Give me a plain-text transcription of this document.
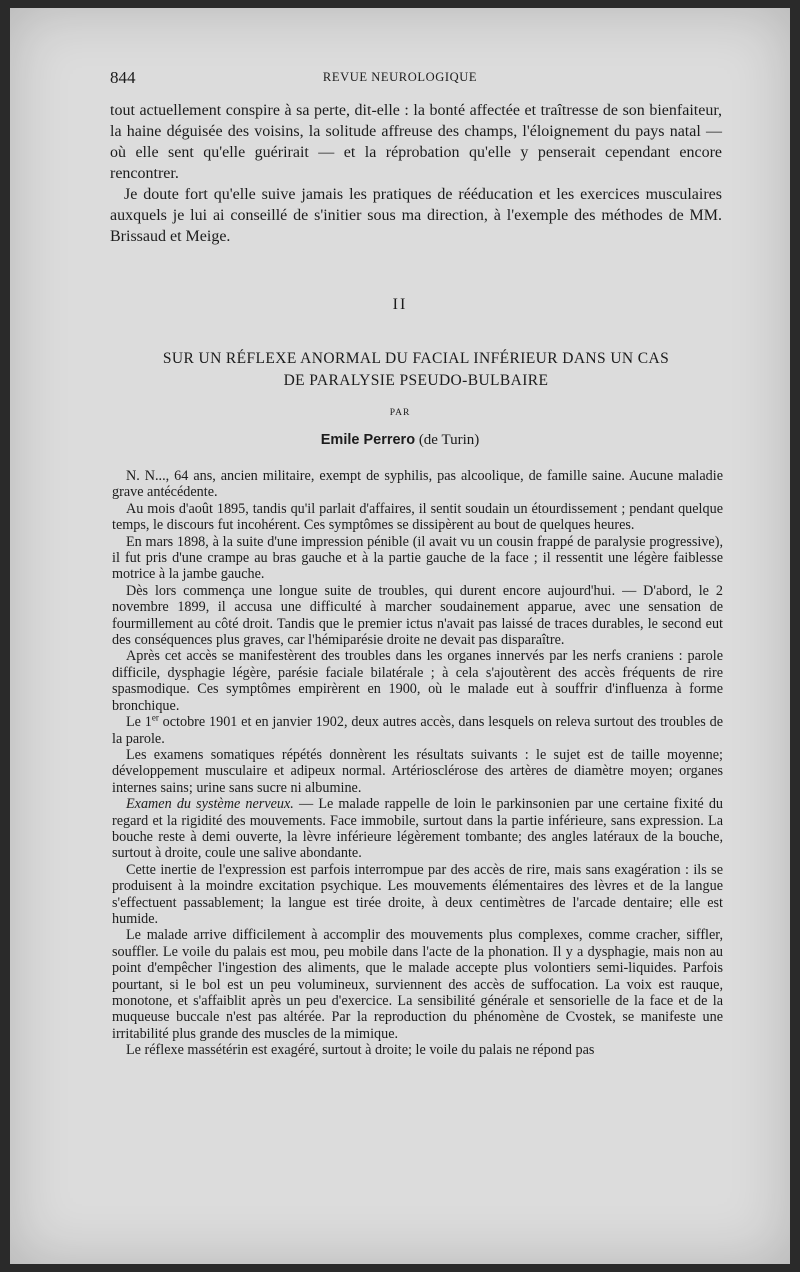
844	REVUE NEUROLOGIQUE

tout actuellement conspire à sa perte, dit-elle : la bonté affectée et traîtresse de son bienfaiteur, la haine déguisée des voisins, la solitude affreuse des champs, l'éloignement du pays natal — où elle sent qu'elle guérirait — et la réprobation qu'elle y penserait cependant encore rencontrer.

Je doute fort qu'elle suive jamais les pratiques de rééducation et les exercices musculaires auxquels je lui ai conseillé de s'initier sous ma direction, à l'exemple des méthodes de MM. Brissaud et Meige.

II
SUR UN RÉFLEXE ANORMAL DU FACIAL INFÉRIEUR DANS UN CAS
DE PARALYSIE PSEUDO-BULBAIRE
PAR
Emile Perrero (de Turin)

N. N..., 64 ans, ancien militaire, exempt de syphilis, pas alcoolique, de famille saine. Aucune maladie grave antécédente.

Au mois d'août 1895, tandis qu'il parlait d'affaires, il sentit soudain un étourdissement ; pendant quelque temps, le discours fut incohérent. Ces symptômes se dissipèrent au bout de quelques heures.

En mars 1898, à la suite d'une impression pénible (il avait vu un cousin frappé de paralysie progressive), il fut pris d'une crampe au bras gauche et à la partie gauche de la face ; il ressentit une légère faiblesse motrice à la jambe gauche.

Dès lors commença une longue suite de troubles, qui durent encore aujourd'hui. — D'abord, le 2 novembre 1899, il accusa une difficulté à marcher soudainement apparue, avec une sensation de fourmillement au côté droit. Tandis que le premier ictus n'avait pas laissé de traces durables, le second eut des conséquences plus graves, car l'hémiparésie droite ne devait pas disparaître.

Après cet accès se manifestèrent des troubles dans les organes innervés par les nerfs craniens : parole difficile, dysphagie légère, parésie faciale bilatérale ; à cela s'ajoutèrent des accès fréquents de rire spasmodique. Ces symptômes empirèrent en 1900, où le malade eut à souffrir d'influenza à forme bronchique.

Le 1er octobre 1901 et en janvier 1902, deux autres accès, dans lesquels on releva surtout des troubles de la parole.

Les examens somatiques répétés donnèrent les résultats suivants : le sujet est de taille moyenne; développement musculaire et adipeux normal. Artériosclérose des artères de diamètre moyen; organes internes sains; urine sans sucre ni albumine.

Examen du système nerveux. — Le malade rappelle de loin le parkinsonien par une certaine fixité du regard et la rigidité des mouvements. Face immobile, surtout dans la partie inférieure, sans expression. La bouche reste à demi ouverte, la lèvre inférieure légèrement tombante; des angles latéraux de la bouche, surtout à droite, coule une salive abondante.

Cette inertie de l'expression est parfois interrompue par des accès de rire, mais sans exagération : ils se produisent à la moindre excitation psychique. Les mouvements élémentaires des lèvres et de la langue s'effectuent passablement; la langue est tirée droite, à deux centimètres de l'arcade dentaire; elle est humide.

Le malade arrive difficilement à accomplir des mouvements plus complexes, comme cracher, siffler, souffler. Le voile du palais est mou, peu mobile dans l'acte de la phonation. Il y a dysphagie, mais non au point d'empêcher l'ingestion des aliments, que le malade accepte plus volontiers semi-liquides. Parfois pourtant, si le bol est un peu volumineux, surviennent des accès de suffocation. La voix est rauque, monotone, et s'affaiblit après un peu d'exercice. La sensibilité générale et sensorielle de la face et de la muqueuse buccale n'est pas altérée. Par la reproduction du phénomène de Cvostek, se manifeste une irritabilité plus grande des muscles de la mimique.

Le réflexe massétérin est exagéré, surtout à droite; le voile du palais ne répond pas
